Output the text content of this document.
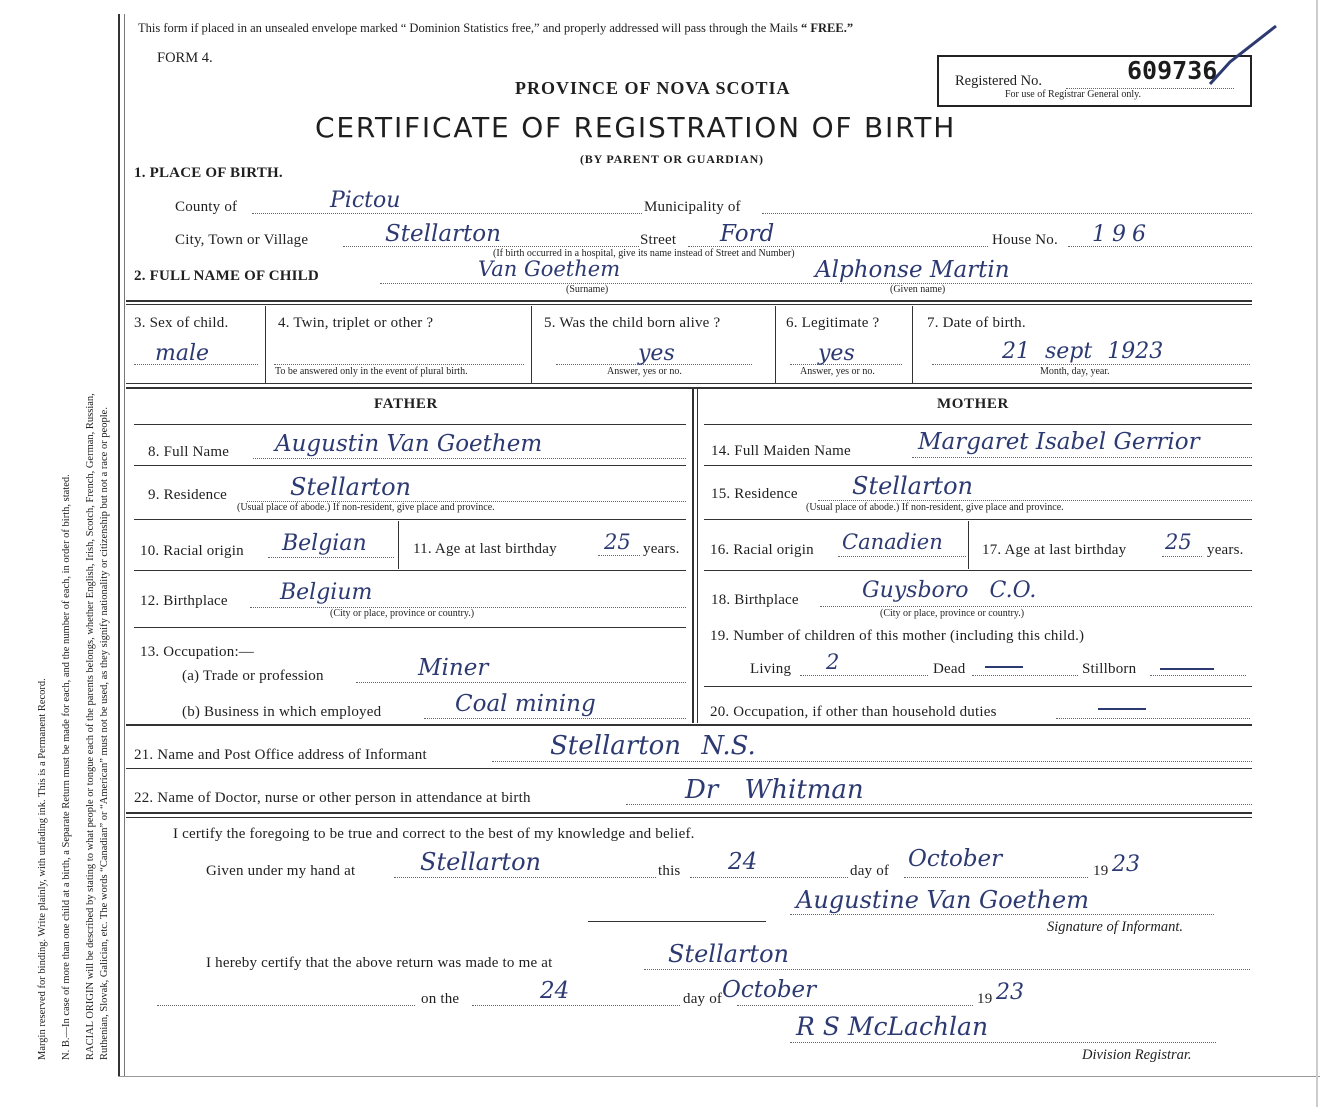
Margin reserved for binding. Write plainly, with unfading ink. This is a Permanent Record. N. B.—In case of more than one child at a birth, a Separate Return must be made for each, and the number of each, in order of birth, stated. RACIAL ORIGIN will be described by stating to what people or tongue each of the parents belongs, whether English, Irish, Scotch, French, German, Russian, Ruthenian, Slovak, Galician, etc. The words “Canadian” or “American” must not be used, as they signify nationality or citizenship but not a race or people.
This form if placed in an unsealed envelope marked “ Dominion Statistics free,” and properly addressed will pass through the Mails “ FREE.”
FORM 4.
PROVINCE OF NOVA SCOTIA
CERTIFICATE OF REGISTRATION OF BIRTH
(BY PARENT OR GUARDIAN)
Registered No.
For use of Registrar General only.
609736
1. PLACE OF BIRTH.
County of	Pictou	Municipality of
City, Town or Village	Stellarton	Street Ford	House No. 196
(If birth occurred in a hospital, give its name instead of Street and Number)
2. FULL NAME OF CHILD	Van Goethem	Alphonse Martin
(Surname)	(Given name)
3. Sex of child.
male
4. Twin, triplet or other ?
To be answered only in the event of plural birth.
5. Was the child born alive ?
yes
Answer, yes or no.
6. Legitimate ?
yes
Answer, yes or no.
7. Date of birth.
21 sept 1923
Month, day, year.
FATHER
8. Full Name Augustin Van Goethem
9. Residence	Stellarton
(Usual place of abode.) If non-resident, give place and province.
10. Racial origin Belgian	11. Age at last birthday 25 years.
12. Birthplace Belgium
(City or place, province or country.)
13. Occupation:—
(a) Trade or profession	Miner
(b) Business in which employed	Coal mining
MOTHER
14. Full Maiden Name	Margaret Isabel Gerrior
15. Residence Stellarton
(Usual place of abode.) If non-resident, give place and province.
16. Racial origin Canadien	17. Age at last birthday 25 years.
18. Birthplace	Guysboro C.O.
(City or place, province or country.)
19. Number of children of this mother (including this child.)
Living 2	Dead	Stillborn
20. Occupation, if other than household duties
21. Name and Post Office address of Informant	Stellarton N.S.
22. Name of Doctor, nurse or other person in attendance at birth	Dr Whitman
I certify the foregoing to be true and correct to the best of my knowledge and belief.
Given under my hand at	Stellarton	this 24	day of October	19 23
Augustine Van Goethem
Signature of Informant.
I hereby certify that the above return was made to me at	Stellarton
on the	24	day of October	19 23
R S McLachlan
Division Registrar.
